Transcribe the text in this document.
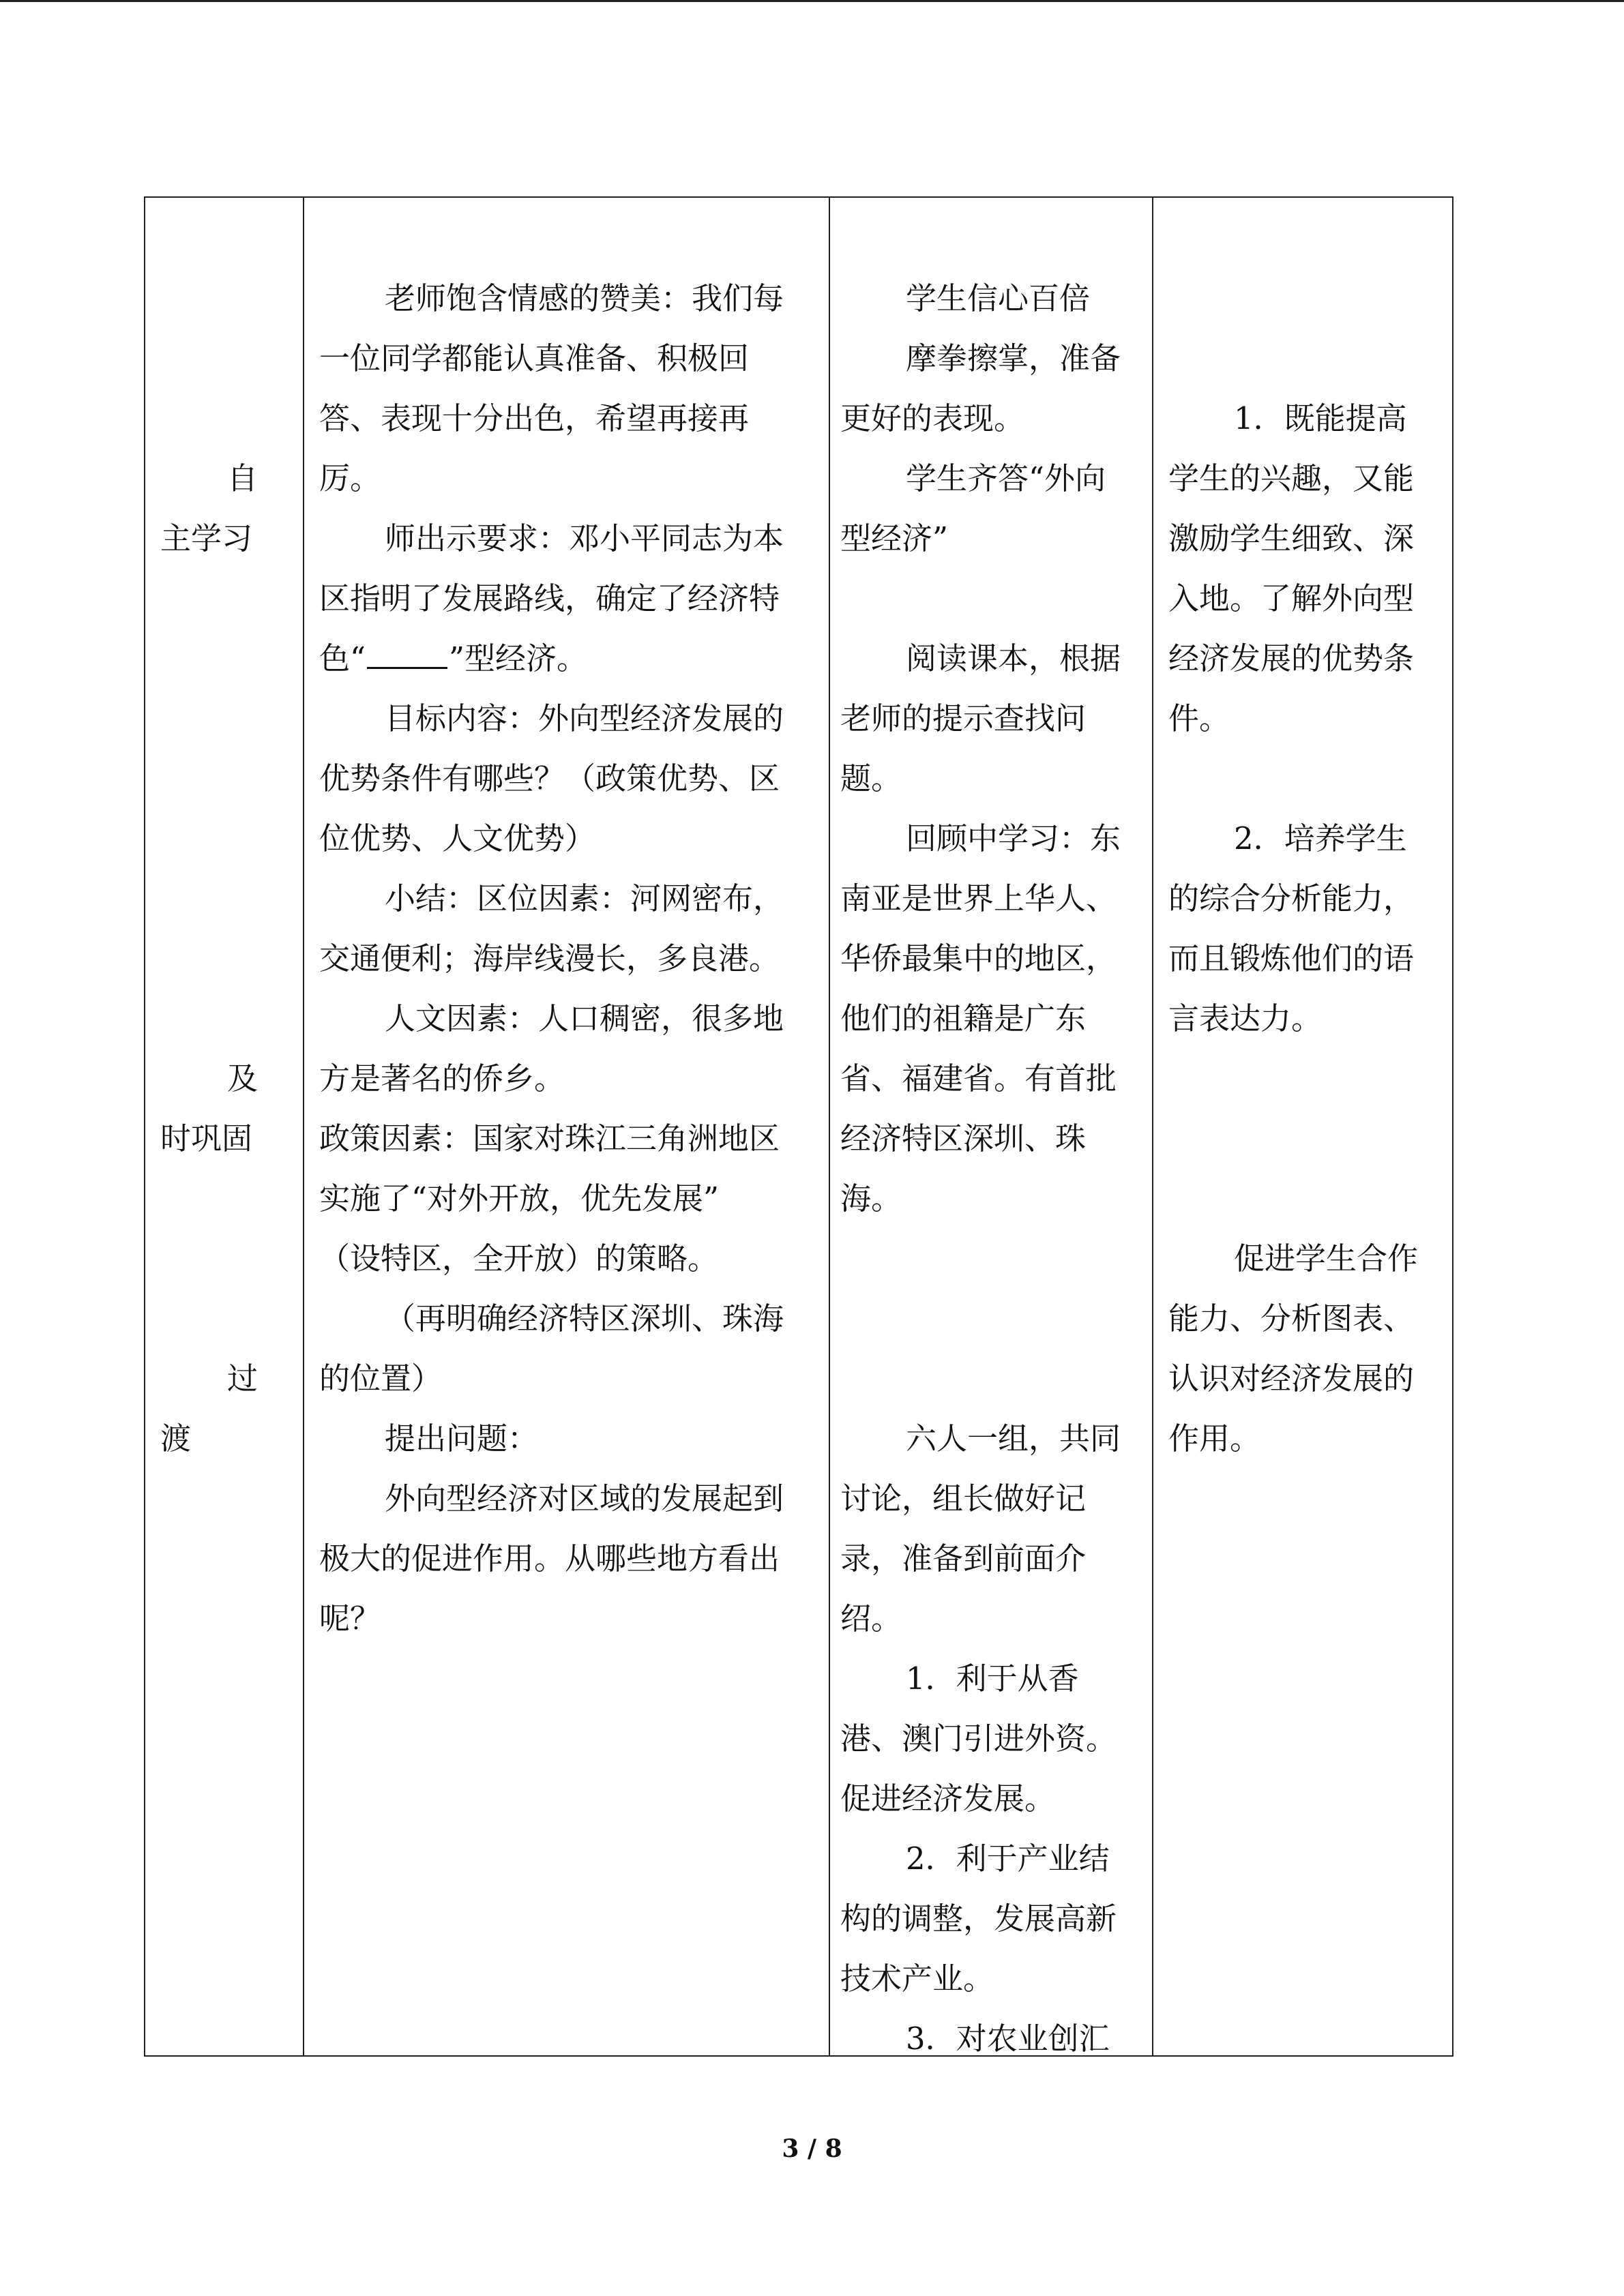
自
主学习
及
时巩固
过
渡
老师饱含情感的赞美：我们每
一位同学都能认真准备、积极回
答、表现十分出色，希望再接再
厉。
师出示要求：邓小平同志为本
区指明了发展路线，确定了经济特
色“	”型经济。
目标内容：外向型经济发展的
优势条件有哪些？（政策优势、区
位优势、人文优势）
小结：区位因素：河网密布，
交通便利；海岸线漫长，多良港。
人文因素：人口稠密，很多地
方是著名的侨乡。
政策因素：国家对珠江三角洲地区
实施了“对外开放，优先发展”
（设特区，全开放）的策略。
（再明确经济特区深圳、珠海
的位置）
提出问题：
外向型经济对区域的发展起到
极大的促进作用。从哪些地方看出
呢？
学生信心百倍
摩拳擦掌，准备
更好的表现。
学生齐答“外向
型经济”
阅读课本，根据
老师的提示查找问
题。
回顾中学习：东
南亚是世界上华人、
华侨最集中的地区，
他们的祖籍是广东
省、福建省。有首批
经济特区深圳、珠
海。
六人一组，共同
讨论，组长做好记
录，准备到前面介
绍。
1．利于从香
港、澳门引进外资。
促进经济发展。
2．利于产业结
构的调整，发展高新
技术产业。
3．对农业创汇
1．既能提高
学生的兴趣，又能
激励学生细致、深
入地。了解外向型
经济发展的优势条
件。
2．培养学生
的综合分析能力，
而且锻炼他们的语
言表达力。
促进学生合作
能力、分析图表、
认识对经济发展的
作用。
3 / 8
